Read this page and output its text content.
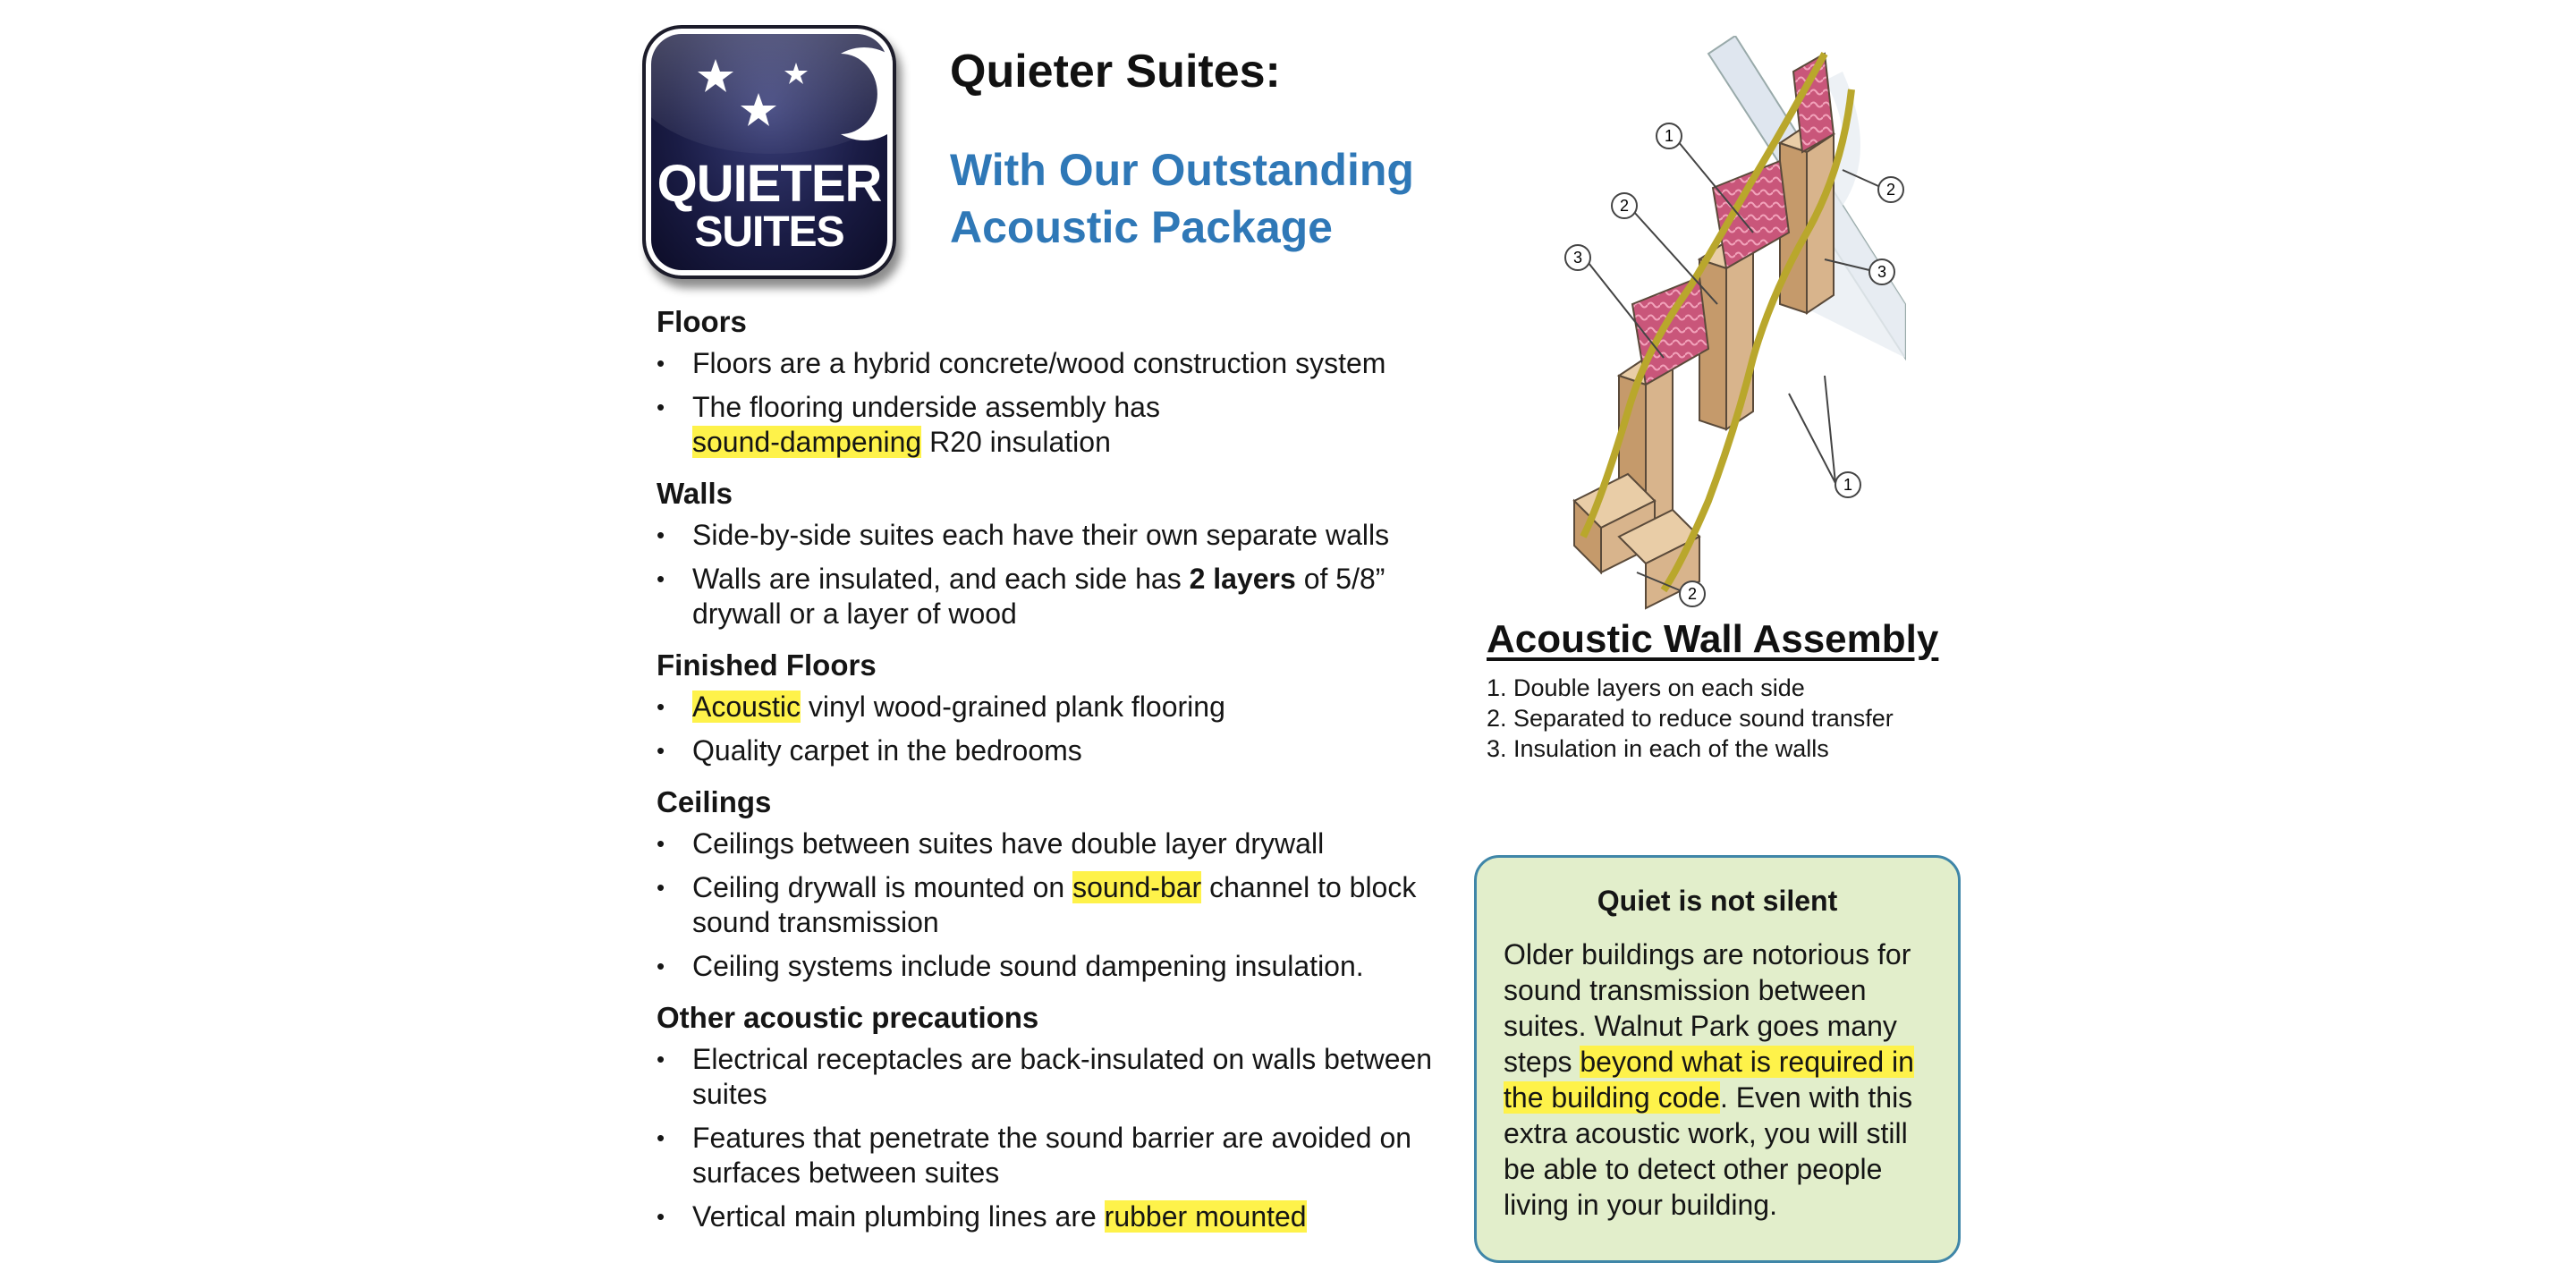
QUIETER
SUITES
Quieter Suites:
With Our Outstanding Acoustic Package
Floors
• Floors are a hybrid concrete/wood construction system
• The flooring underside assembly has sound-dampening R20 insulation
Walls
• Side-by-side suites each have their own separate walls
• Walls are insulated, and each side has 2 layers of 5/8” drywall or a layer of wood
Finished Floors
• Acoustic vinyl wood-grained plank flooring
• Quality carpet in the bedrooms
Ceilings
• Ceilings between suites have double layer drywall
• Ceiling drywall is mounted on sound-bar channel to block sound transmission
• Ceiling systems include sound dampening insulation.
Other acoustic precautions
• Electrical receptacles are back-insulated on walls between suites
• Features that penetrate the sound barrier are avoided on surfaces between suites
• Vertical main plumbing lines are rubber mounted
1
2
3
2
3
1
2
Acoustic Wall Assembly
1. Double layers on each side
2. Separated to reduce sound transfer
3. Insulation in each of the walls
Quiet is not silent
Older buildings are notorious for sound transmission between suites. Walnut Park goes many steps beyond what is required in the building code. Even with this extra acoustic work, you will still be able to detect other people living in your building.
